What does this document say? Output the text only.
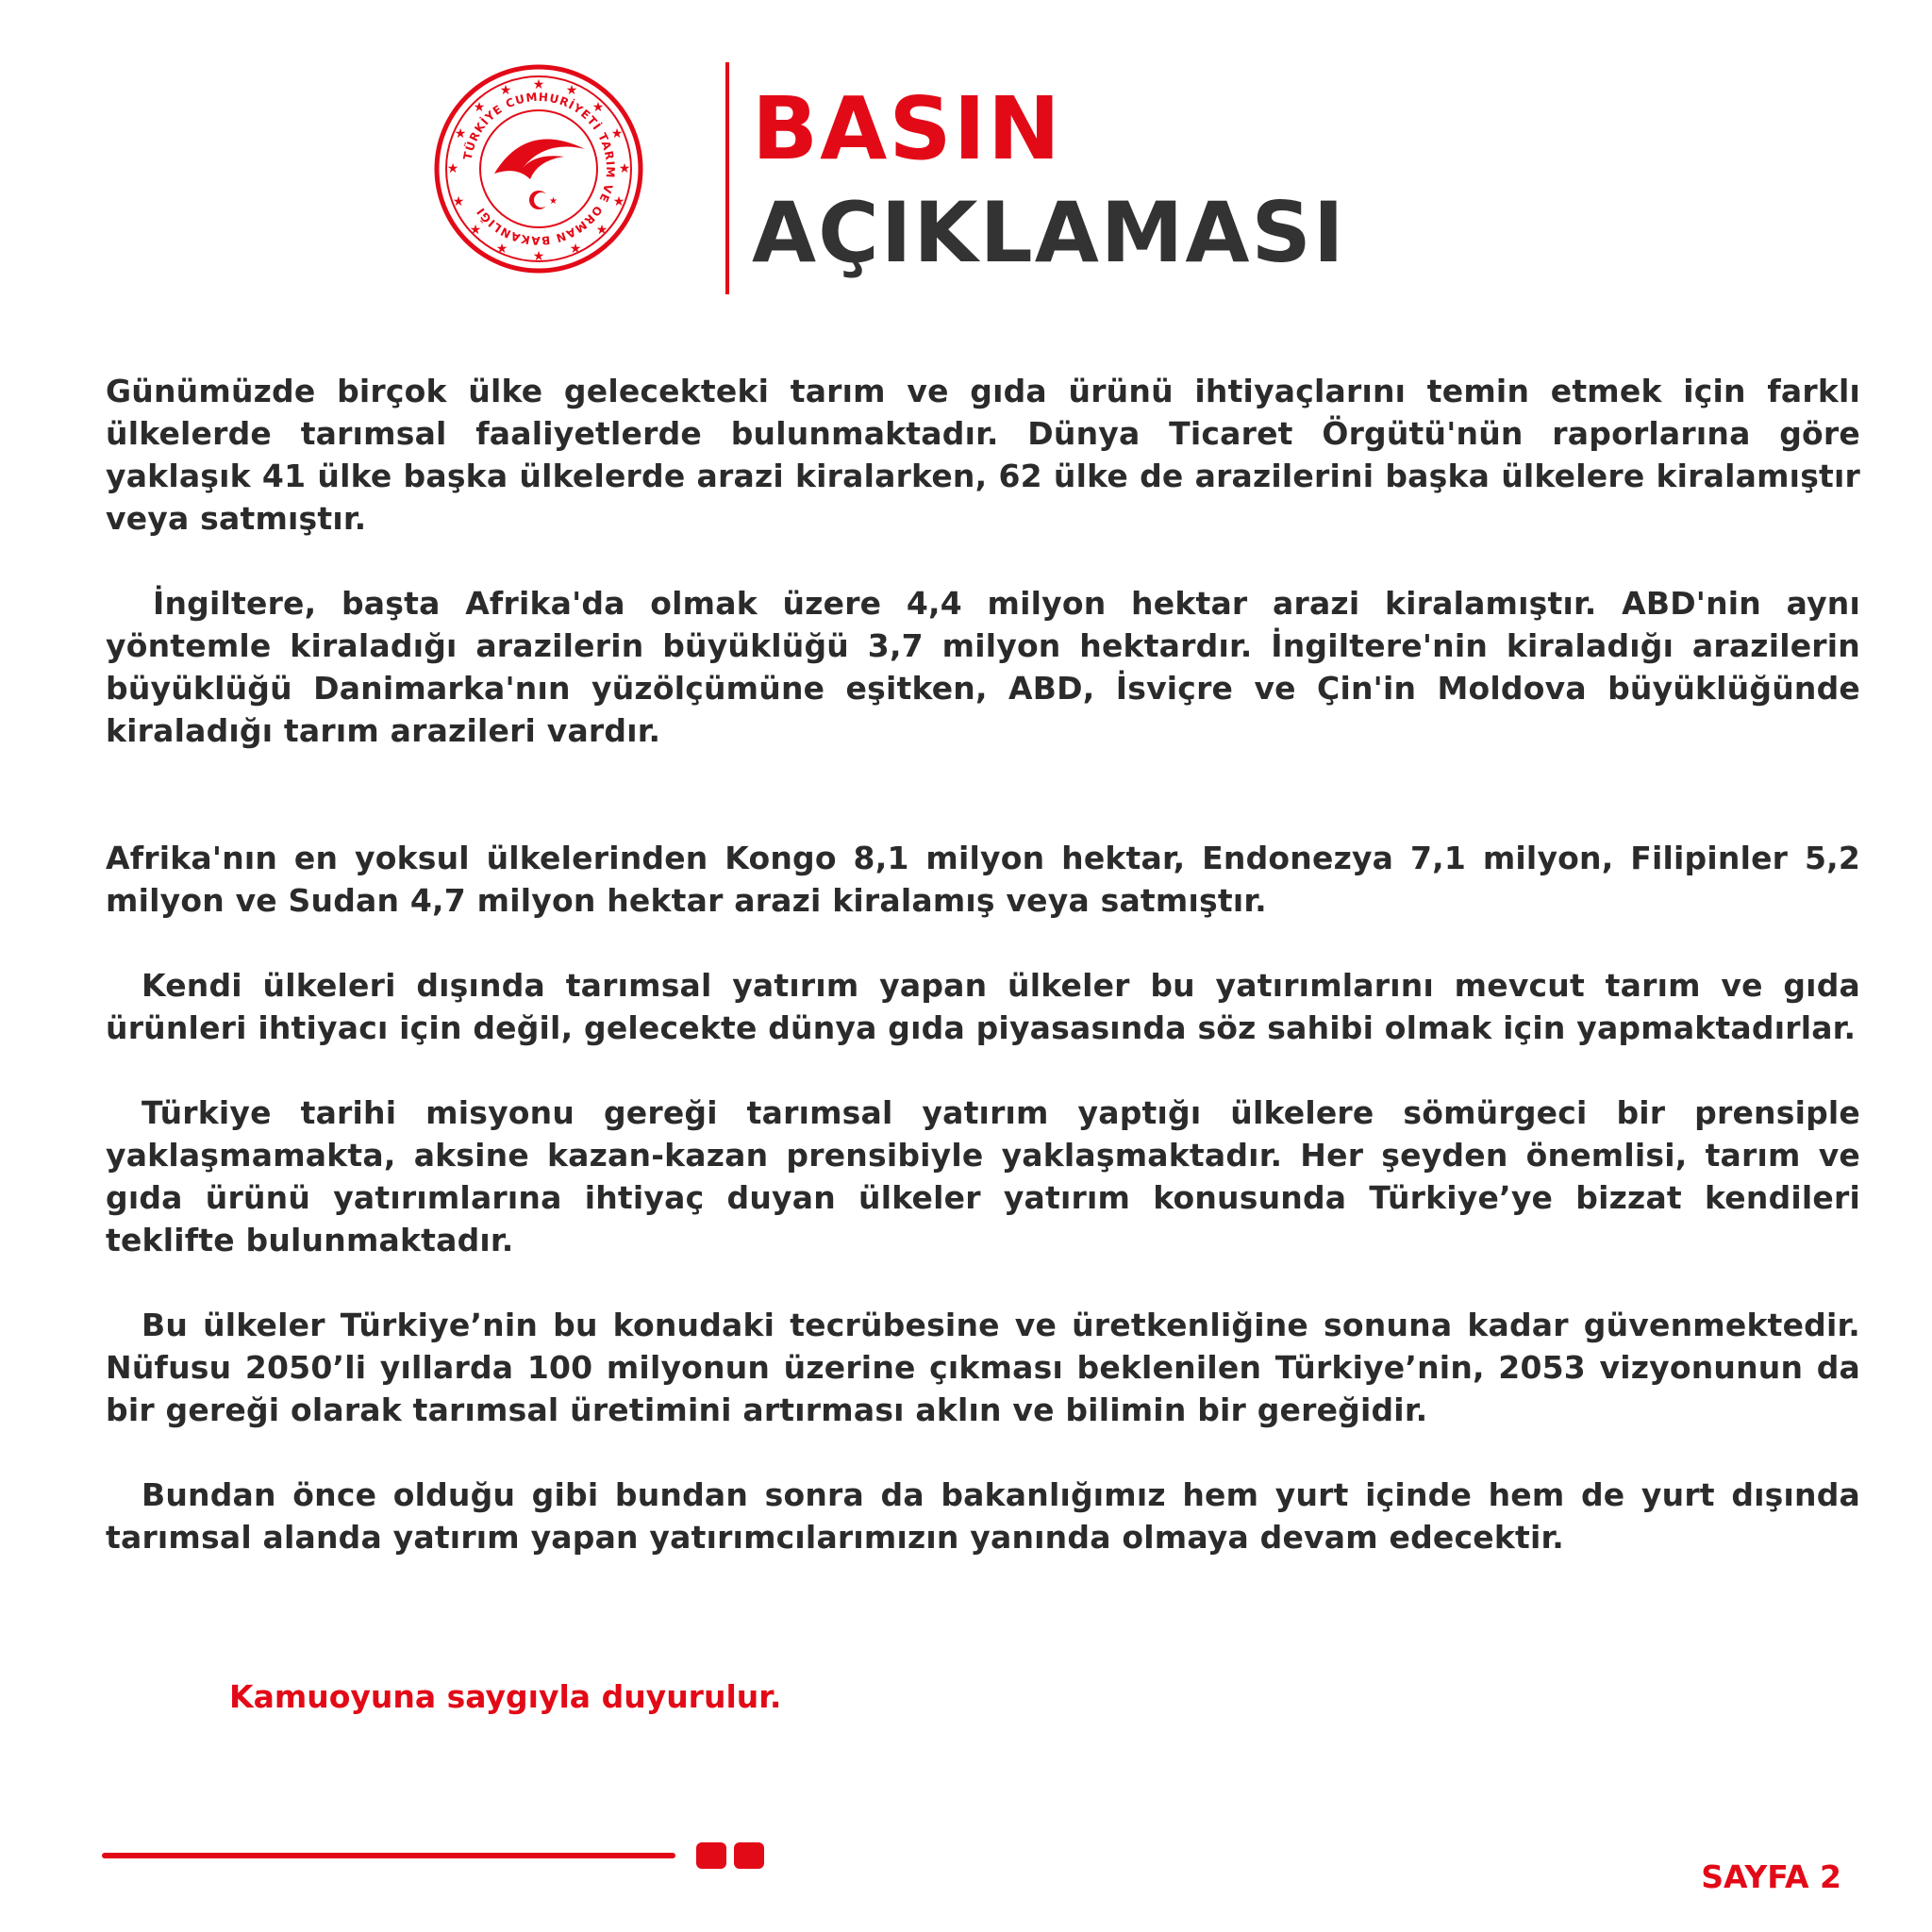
★ ★
★
★
★
★
★
★
★
★
★
★
★
★
★
★
TÜRKİYE CUMHURİYETİ TARIM VE ORMAN BAKANLIĞI
★
BASIN
AÇIKLAMASI

Günümüzde birçok ülke gelecekteki tarım ve gıda ürünü ihtiyaçlarını temin etmek için farklı ülkelerde tarımsal faaliyetlerde bulunmaktadır. Dünya Ticaret Örgütü'nün raporlarına göre yaklaşık 41 ülke başka ülkelerde arazi kiralarken, 62 ülke de arazilerini başka ülkelere kiralamıştır veya satmıştır.

İngiltere, başta Afrika'da olmak üzere 4,4 milyon hektar arazi kiralamıştır. ABD'nin aynı yöntemle kiraladığı arazilerin büyüklüğü 3,7 milyon hektardır. İngiltere'nin kiraladığı arazilerin büyüklüğü Danimarka'nın yüzölçümüne eşitken, ABD, İsviçre ve Çin'in Moldova büyüklüğünde kiraladığı tarım arazileri vardır.

Afrika'nın en yoksul ülkelerinden Kongo 8,1 milyon hektar, Endonezya 7,1 milyon, Filipinler 5,2 milyon ve Sudan 4,7 milyon hektar arazi kiralamış veya satmıştır.

Kendi ülkeleri dışında tarımsal yatırım yapan ülkeler bu yatırımlarını mevcut tarım ve gıda ürünleri ihtiyacı için değil, gelecekte dünya gıda piyasasında söz sahibi olmak için yapmaktadırlar.

Türkiye tarihi misyonu gereği tarımsal yatırım yaptığı ülkelere sömürgeci bir prensiple yaklaşmamakta, aksine kazan-kazan prensibiyle yaklaşmaktadır. Her şeyden önemlisi, tarım ve gıda ürünü yatırımlarına ihtiyaç duyan ülkeler yatırım konusunda Türkiye’ye bizzat kendileri teklifte bulunmaktadır.

Bu ülkeler Türkiye’nin bu konudaki tecrübesine ve üretkenliğine sonuna kadar güvenmektedir. Nüfusu 2050’li yıllarda 100 milyonun üzerine çıkması beklenilen Türkiye’nin, 2053 vizyonunun da bir gereği olarak tarımsal üretimini artırması aklın ve bilimin bir gereğidir.

Bundan önce olduğu gibi bundan sonra da bakanlığımız hem yurt içinde hem de yurt dışında tarımsal alanda yatırım yapan yatırımcılarımızın yanında olmaya devam edecektir.

Kamuoyuna saygıyla duyurulur.
SAYFA 2
